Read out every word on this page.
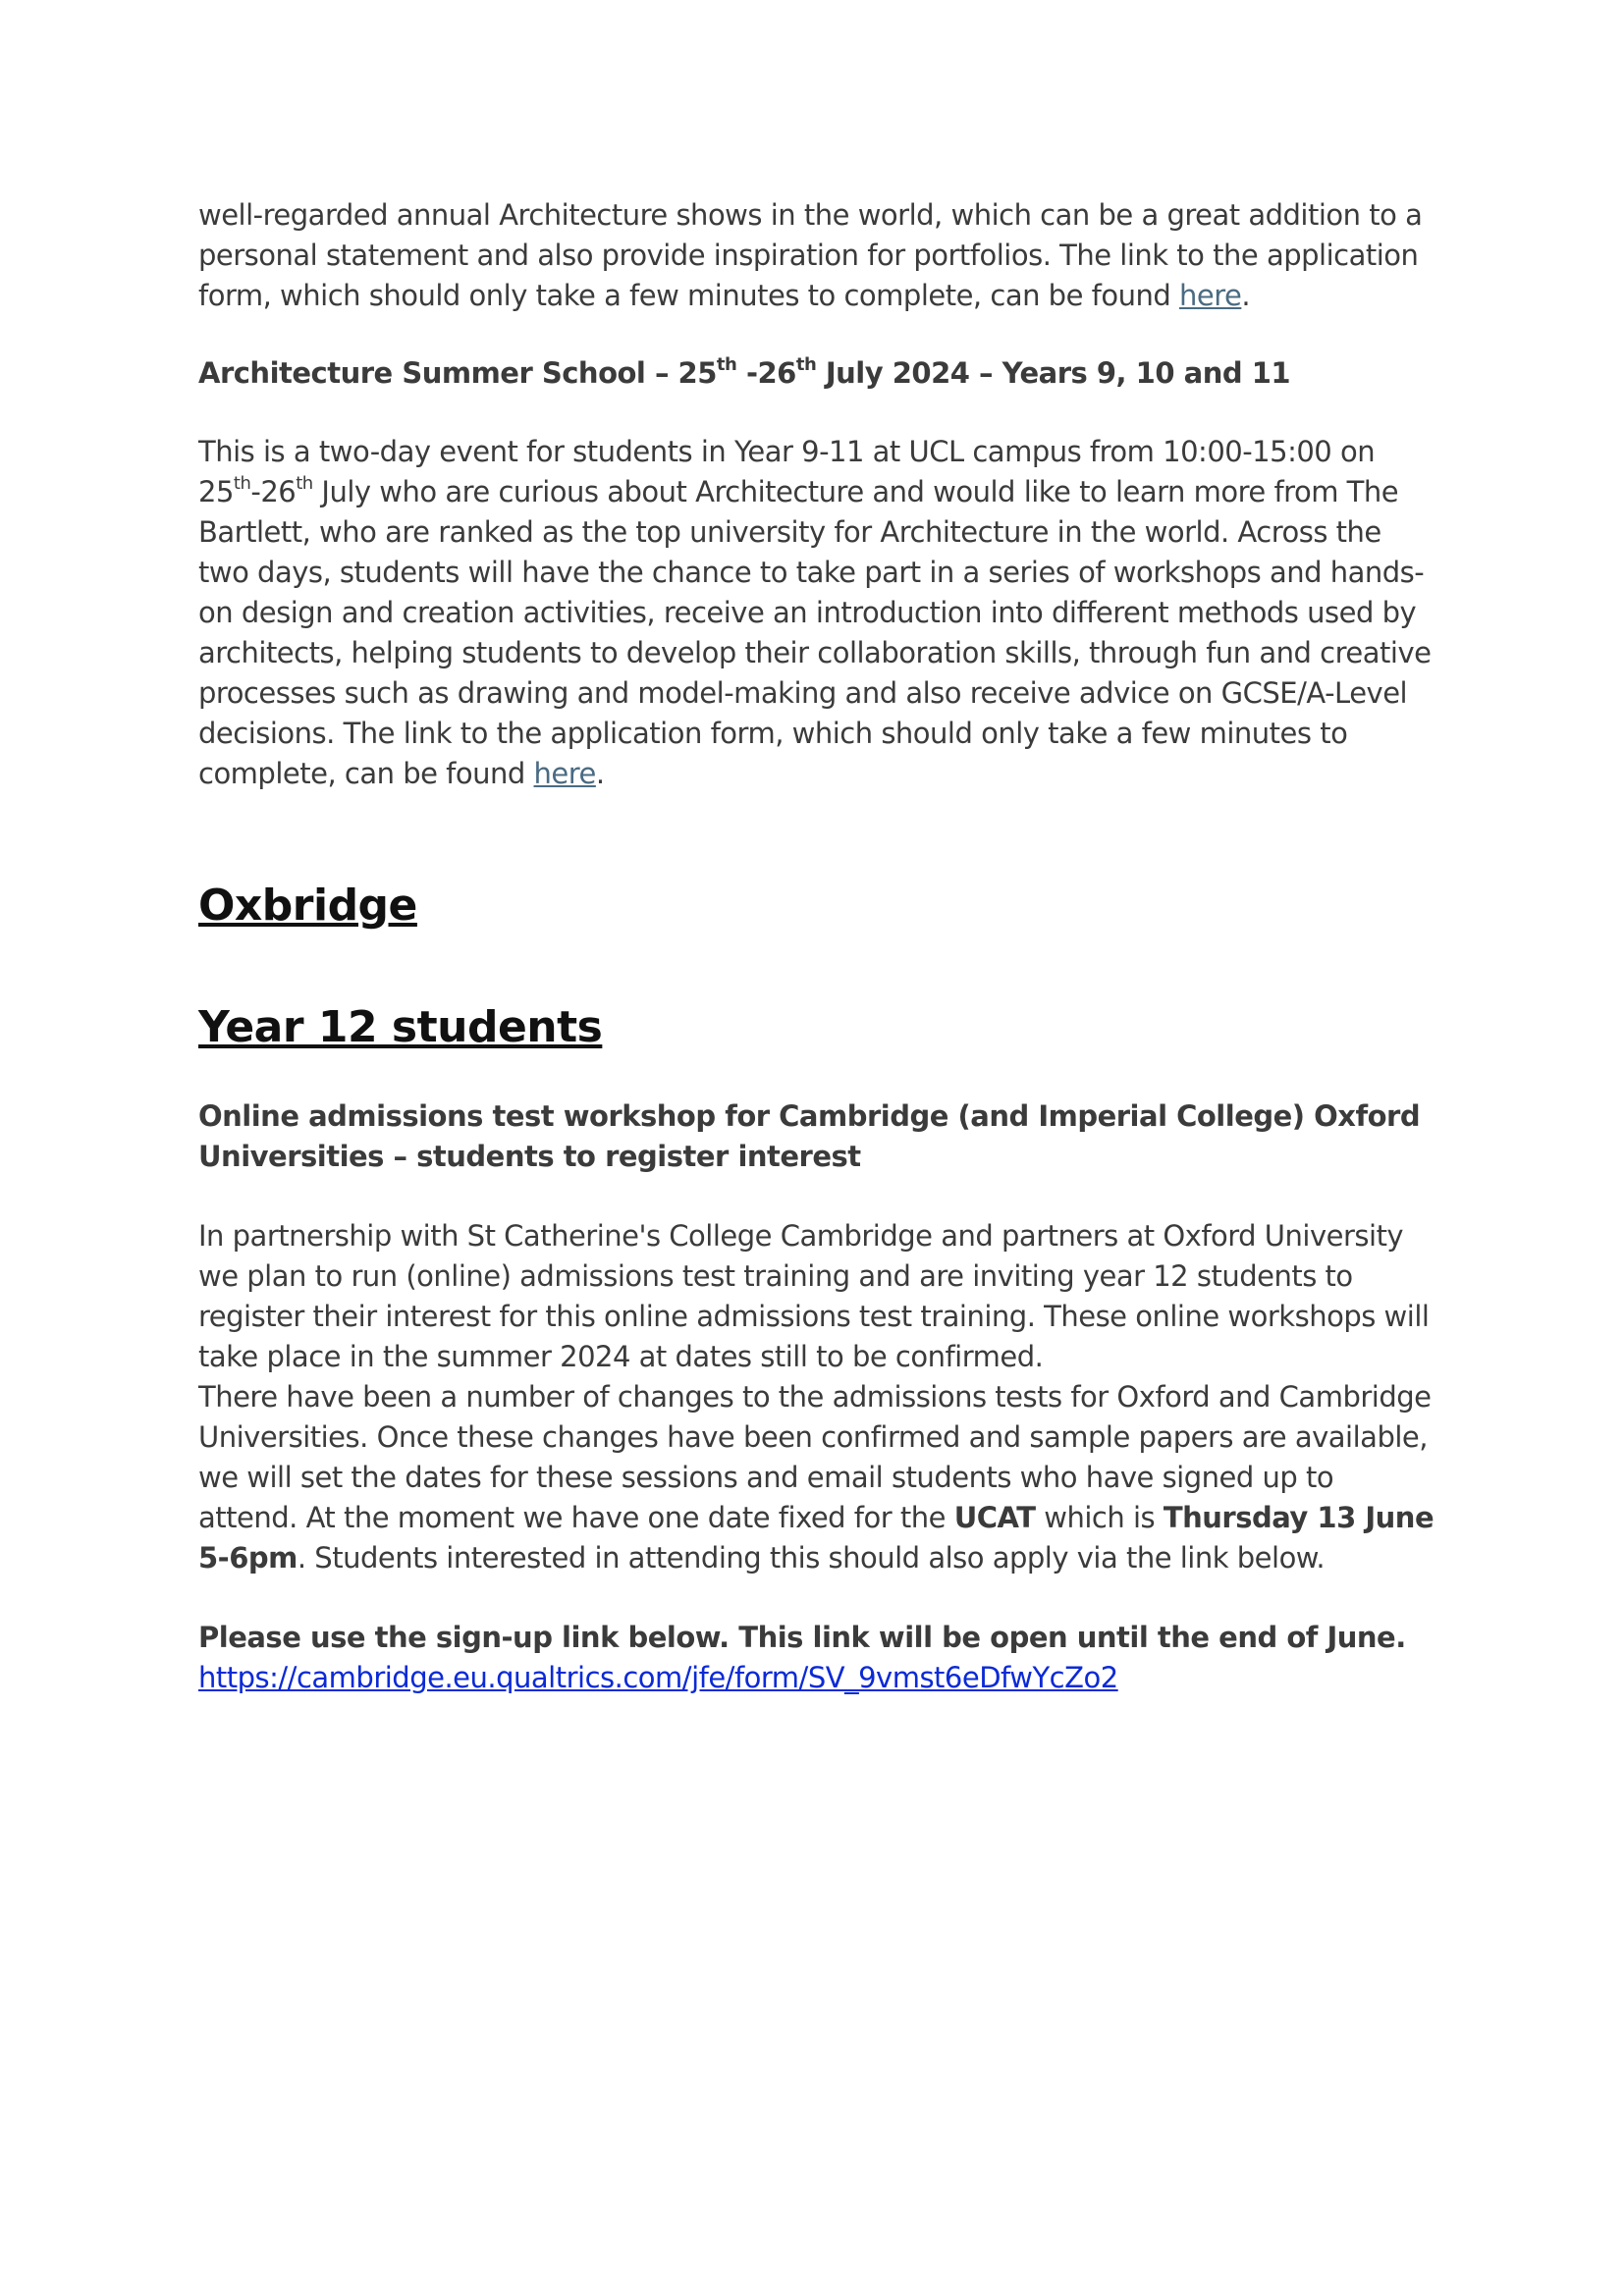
well-regarded annual Architecture shows in the world, which can be a great addition to a personal statement and also provide inspiration for portfolios. The link to the application form, which should only take a few minutes to complete, can be found here.

Architecture Summer School – 25th -26th July 2024 – Years 9, 10 and 11

This is a two-day event for students in Year 9-11 at UCL campus from 10:00-15:00 on 25th-26th July who are curious about Architecture and would like to learn more from The Bartlett, who are ranked as the top university for Architecture in the world. Across the two days, students will have the chance to take part in a series of workshops and hands-on design and creation activities, receive an introduction into different methods used by architects, helping students to develop their collaboration skills, through fun and creative processes such as drawing and model-making and also receive advice on GCSE/A-Level decisions. The link to the application form, which should only take a few minutes to complete, can be found here.

Oxbridge
Year 12 students

Online admissions test workshop for Cambridge (and Imperial College) Oxford Universities – students to register interest

In partnership with St Catherine's College Cambridge and partners at Oxford University we plan to run (online) admissions test training and are inviting year 12 students to register their interest for this online admissions test training. These online workshops will take place in the summer 2024 at dates still to be confirmed.

There have been a number of changes to the admissions tests for Oxford and Cambridge Universities. Once these changes have been confirmed and sample papers are available, we will set the dates for these sessions and email students who have signed up to attend. At the moment we have one date fixed for the UCAT which is Thursday 13 June 5-6pm. Students interested in attending this should also apply via the link below.

Please use the sign-up link below. This link will be open until the end of June.

https://cambridge.eu.qualtrics.com/jfe/form/SV_9vmst6eDfwYcZo2
